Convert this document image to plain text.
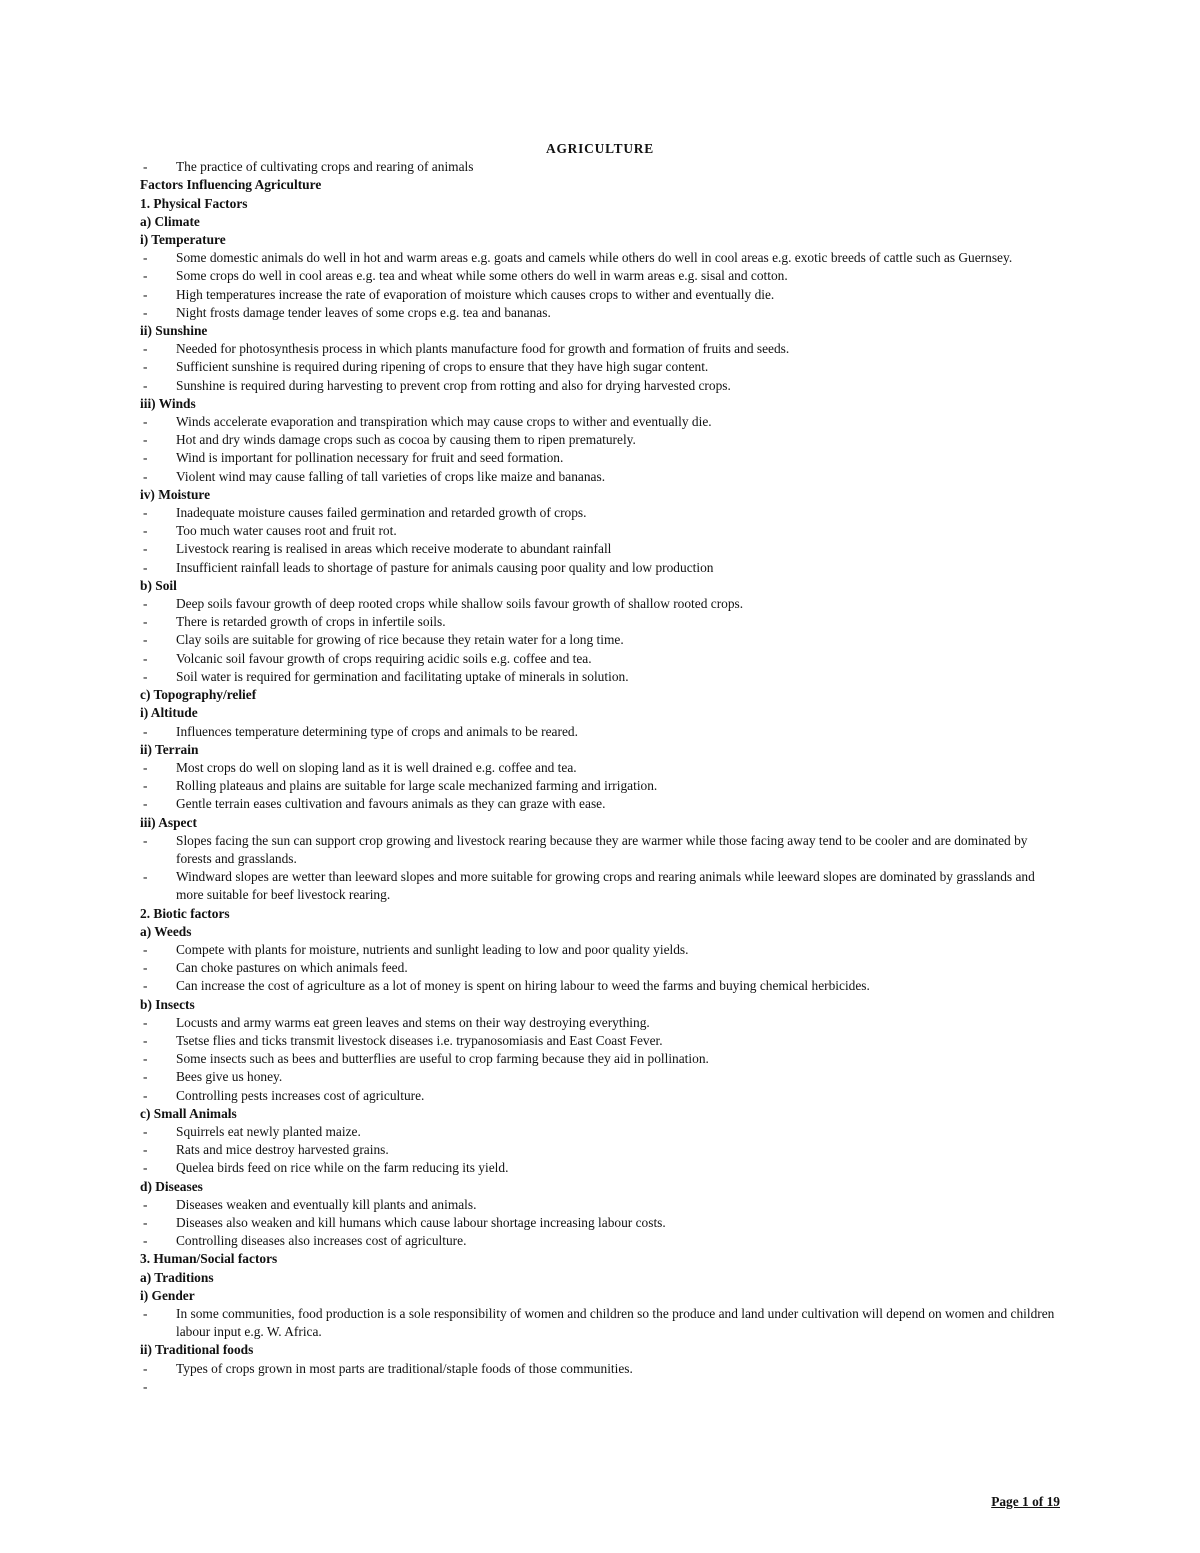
AGRICULTURE
- The practice of cultivating crops and rearing of animals
Factors Influencing Agriculture
1. Physical Factors
a) Climate
i) Temperature
- Some domestic animals do well in hot and warm areas e.g. goats and camels while others do well in cool areas e.g. exotic breeds of cattle such as Guernsey.
- Some crops do well in cool areas e.g. tea and wheat while some others do well in warm areas e.g. sisal and cotton.
- High temperatures increase the rate of evaporation of moisture which causes crops to wither and eventually die.
- Night frosts damage tender leaves of some crops e.g. tea and bananas.
ii) Sunshine
- Needed for photosynthesis process in which plants manufacture food for growth and formation of fruits and seeds.
- Sufficient sunshine is required during ripening of crops to ensure that they have high sugar content.
- Sunshine is required during harvesting to prevent crop from rotting and also for drying harvested crops.
iii) Winds
- Winds accelerate evaporation and transpiration which may cause crops to wither and eventually die.
- Hot and dry winds damage crops such as cocoa by causing them to ripen prematurely.
- Wind is important for pollination necessary for fruit and seed formation.
- Violent wind may cause falling of tall varieties of crops like maize and bananas.
iv) Moisture
- Inadequate moisture causes failed germination and retarded growth of crops.
- Too much water causes root and fruit rot.
- Livestock rearing is realised in areas which receive moderate to abundant rainfall
- Insufficient rainfall leads to shortage of pasture for animals causing poor quality and low production
b) Soil
- Deep soils favour growth of deep rooted crops while shallow soils favour growth of shallow rooted crops.
- There is retarded growth of crops in infertile soils.
- Clay soils are suitable for growing of rice because they retain water for a long time.
- Volcanic soil favour growth of crops requiring acidic soils e.g. coffee and tea.
- Soil water is required for germination and facilitating uptake of minerals in solution.
c) Topography/relief
i) Altitude
- Influences temperature determining type of crops and animals to be reared.
ii) Terrain
- Most crops do well on sloping land as it is well drained e.g. coffee and tea.
- Rolling plateaus and plains are suitable for large scale mechanized farming and irrigation.
- Gentle terrain eases cultivation and favours animals as they can graze with ease.
iii) Aspect
- Slopes facing the sun can support crop growing and livestock rearing because they are warmer while those facing away tend to be cooler and are dominated by forests and grasslands.
- Windward slopes are wetter than leeward slopes and more suitable for growing crops and rearing animals while leeward slopes are dominated by grasslands and more suitable for beef livestock rearing.
2. Biotic factors
a) Weeds
- Compete with plants for moisture, nutrients and sunlight leading to low and poor quality yields.
- Can choke pastures on which animals feed.
- Can increase the cost of agriculture as a lot of money is spent on hiring labour to weed the farms and buying chemical herbicides.
b) Insects
- Locusts and army warms eat green leaves and stems on their way destroying everything.
- Tsetse flies and ticks transmit livestock diseases i.e. trypanosomiasis and East Coast Fever.
- Some insects such as bees and butterflies are useful to crop farming because they aid in pollination.
- Bees give us honey.
- Controlling pests increases cost of agriculture.
c) Small Animals
- Squirrels eat newly planted maize.
- Rats and mice destroy harvested grains.
- Quelea birds feed on rice while on the farm reducing its yield.
d) Diseases
- Diseases weaken and eventually kill plants and animals.
- Diseases also weaken and kill humans which cause labour shortage increasing labour costs.
- Controlling diseases also increases cost of agriculture.
3. Human/Social factors
a) Traditions
i) Gender
- In some communities, food production is a sole responsibility of women and children so the produce and land under cultivation will depend on women and children labour input e.g. W. Africa.
ii) Traditional foods
- Types of crops grown in most parts are traditional/staple foods of those communities.
-
Page 1 of 19
